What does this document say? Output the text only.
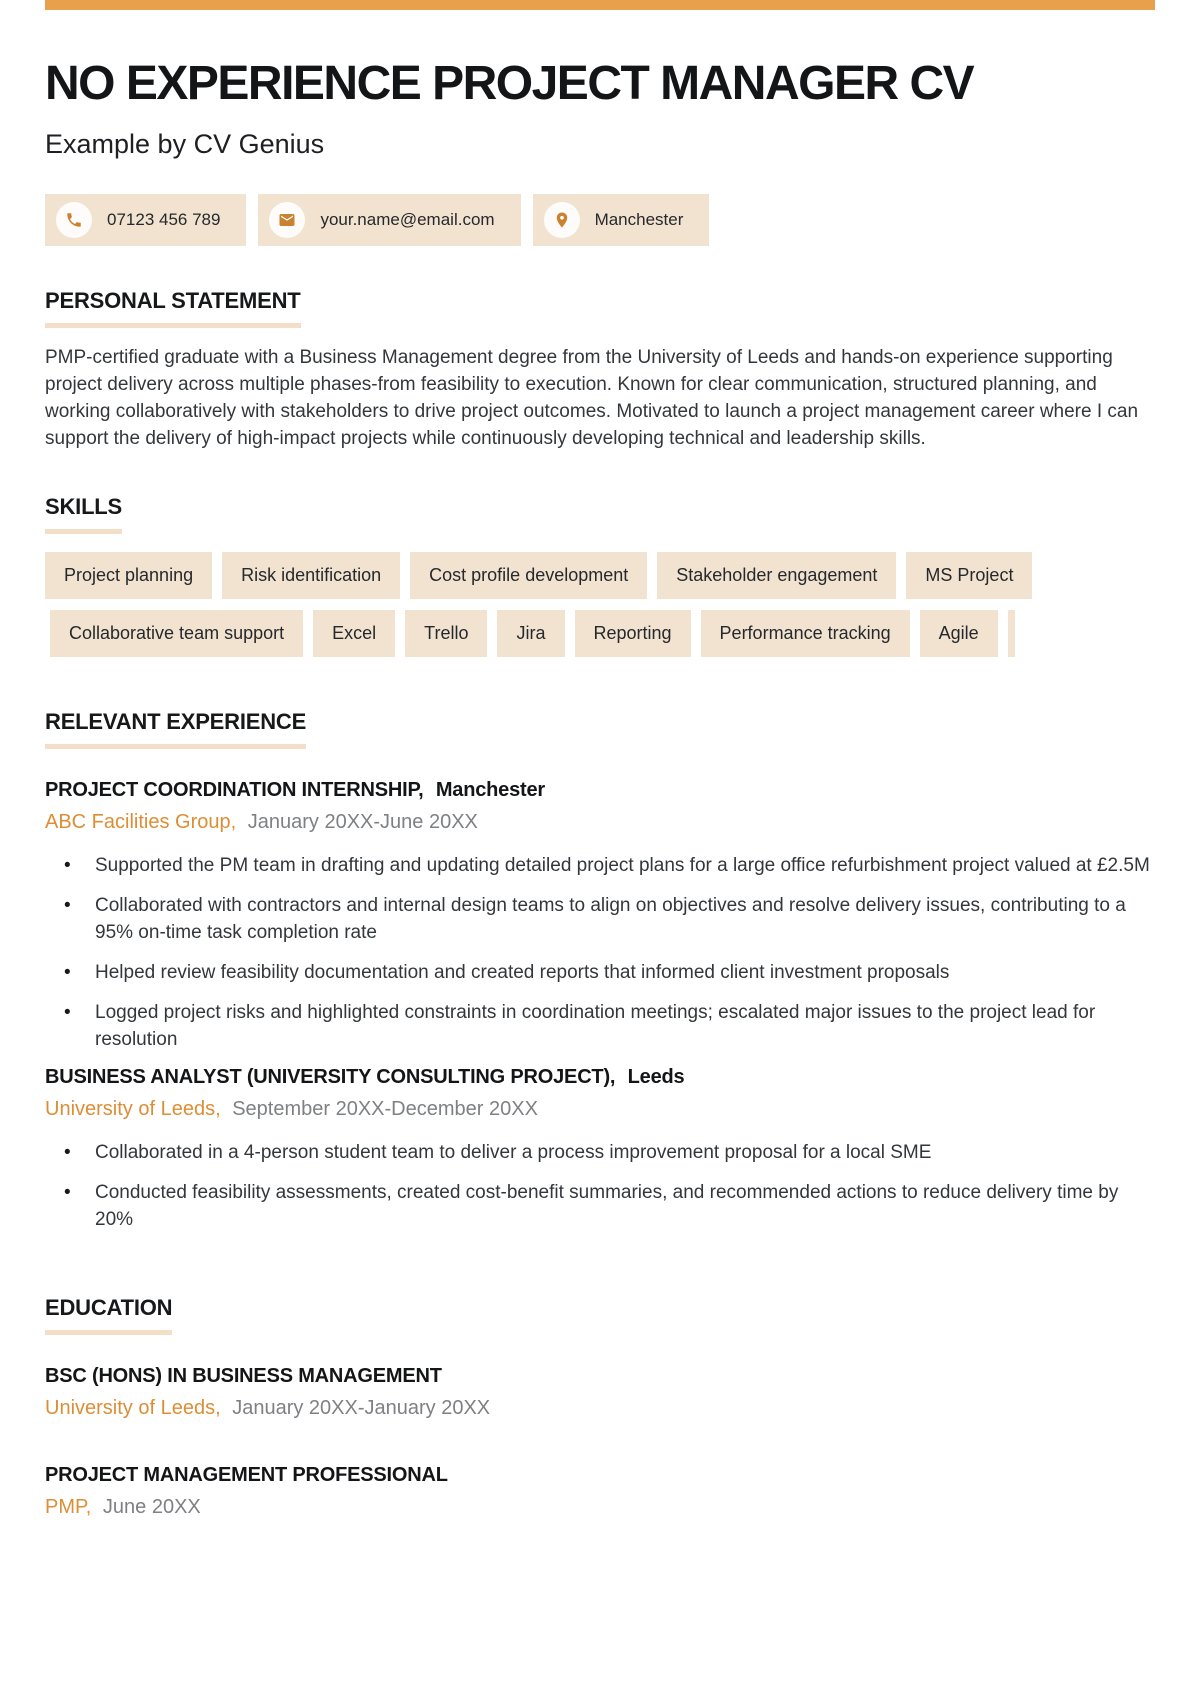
NO EXPERIENCE PROJECT MANAGER CV
Example by CV Genius
07123 456 789	your.name@email.com	Manchester
PERSONAL STATEMENT

PMP-certified graduate with a Business Management degree from the University of Leeds and hands-on experience supporting project delivery across multiple phases-from feasibility to execution. Known for clear communication, structured planning, and working collaboratively with stakeholders to drive project outcomes. Motivated to launch a project management career where I can support the delivery of high-impact projects while continuously developing technical and leadership skills.

SKILLS
Project planning	Risk identification	Cost profile development	Stakeholder engagement	MS Project
Collaborative team support	Excel	Trello	Jira	Reporting	Performance tracking	Agile
RELEVANT EXPERIENCE
PROJECT COORDINATION INTERNSHIP, Manchester
ABC Facilities Group, January 20XX-June 20XX
• Supported the PM team in drafting and updating detailed project plans for a large office refurbishment project valued at £2.5M
• Collaborated with contractors and internal design teams to align on objectives and resolve delivery issues, contributing to a 95% on-time task completion rate
• Helped review feasibility documentation and created reports that informed client investment proposals
• Logged project risks and highlighted constraints in coordination meetings; escalated major issues to the project lead for resolution
BUSINESS ANALYST (UNIVERSITY CONSULTING PROJECT), Leeds
University of Leeds, September 20XX-December 20XX
• Collaborated in a 4-person student team to deliver a process improvement proposal for a local SME
• Conducted feasibility assessments, created cost-benefit summaries, and recommended actions to reduce delivery time by 20%
EDUCATION
BSC (HONS) IN BUSINESS MANAGEMENT
University of Leeds, January 20XX-January 20XX
PROJECT MANAGEMENT PROFESSIONAL
PMP, June 20XX
